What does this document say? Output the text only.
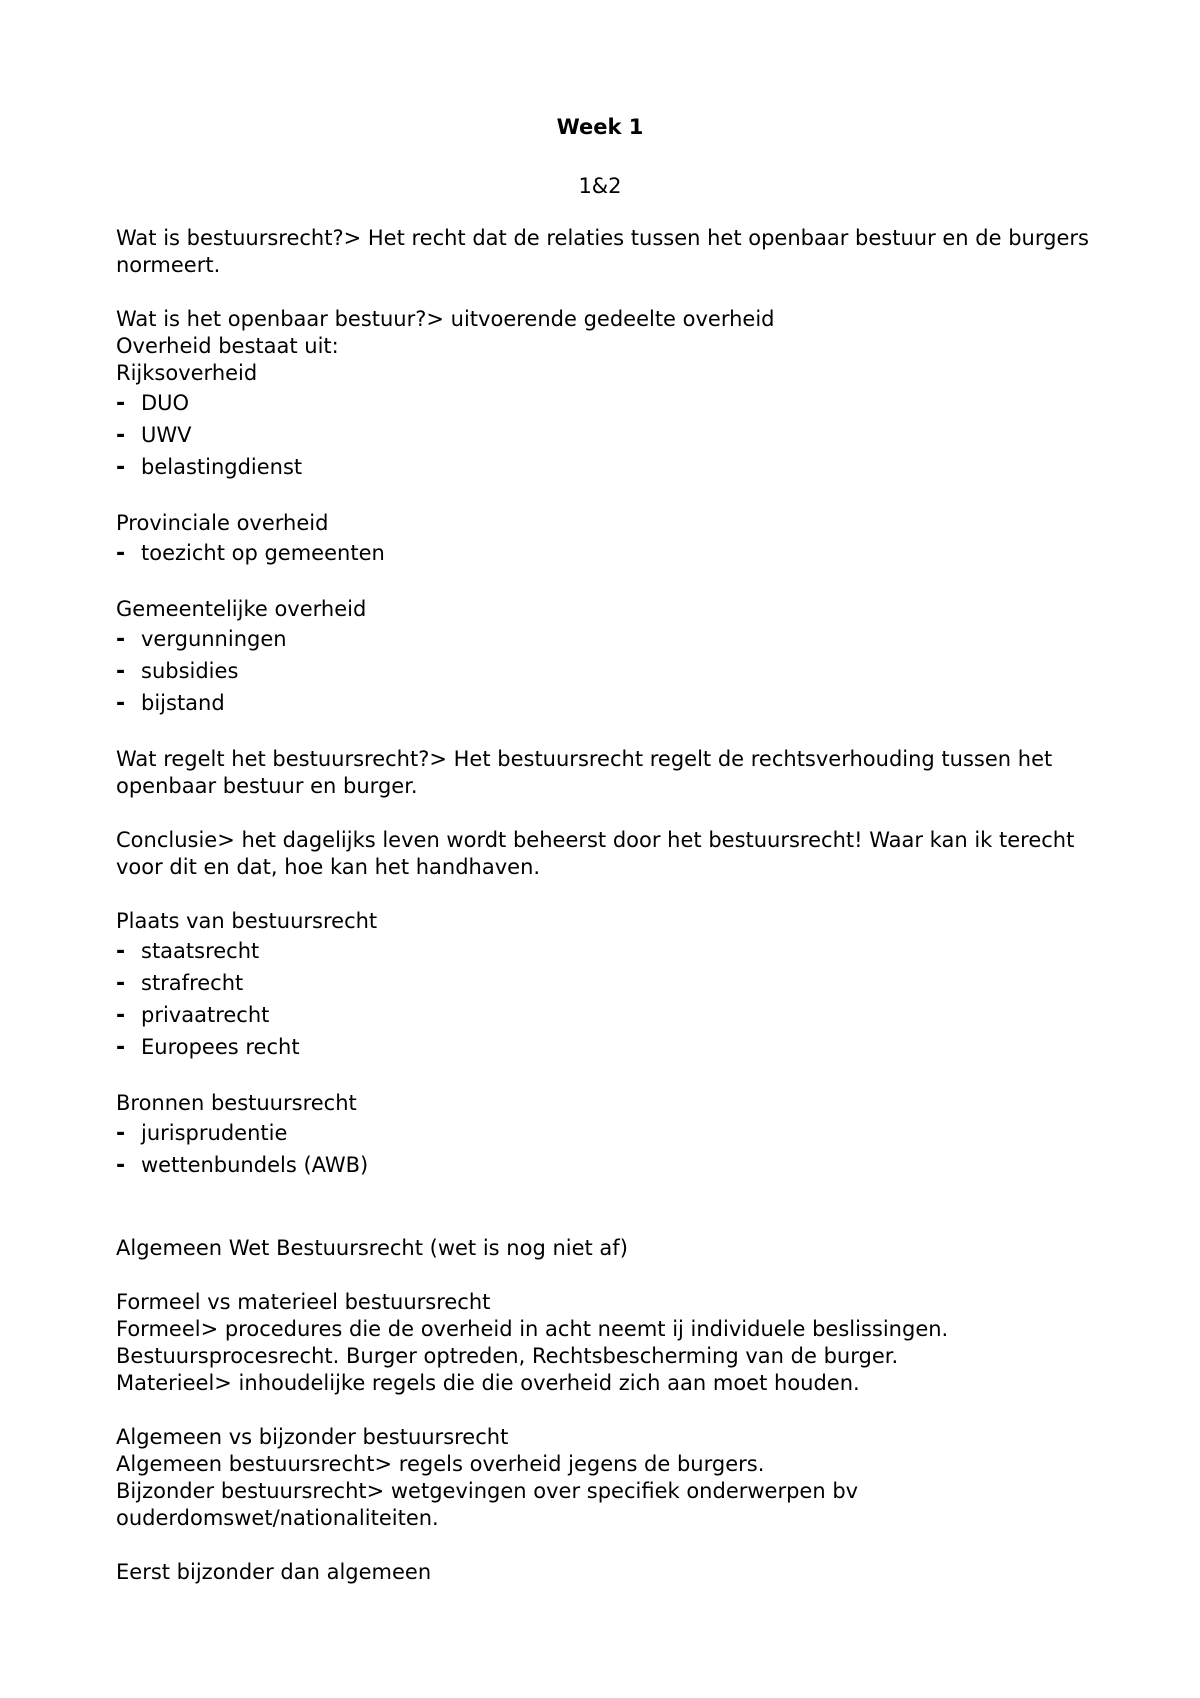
Week 1
1&2

Wat is bestuursrecht?> Het recht dat de relaties tussen het openbaar bestuur en de burgers normeert.

Wat is het openbaar bestuur?> uitvoerende gedeelte overheid

Overheid bestaat uit:

Rijksoverheid

- DUO
- UWV
- belastingdienst

Provinciale overheid

- toezicht op gemeenten

Gemeentelijke overheid

- vergunningen
- subsidies
- bijstand

Wat regelt het bestuursrecht?> Het bestuursrecht regelt de rechtsverhouding tussen het openbaar bestuur en burger.

Conclusie> het dagelijks leven wordt beheerst door het bestuursrecht! Waar kan ik terecht voor dit en dat, hoe kan het handhaven.

Plaats van bestuursrecht

- staatsrecht
- strafrecht
- privaatrecht
- Europees recht

Bronnen bestuursrecht

- jurisprudentie
- wettenbundels (AWB)

Algemeen Wet Bestuursrecht (wet is nog niet af)

Formeel vs materieel bestuursrecht

Formeel> procedures die de overheid in acht neemt ij individuele beslissingen.

Bestuursprocesrecht. Burger optreden, Rechtsbescherming van de burger.

Materieel> inhoudelijke regels die die overheid zich aan moet houden.

Algemeen vs bijzonder bestuursrecht

Algemeen bestuursrecht> regels overheid jegens de burgers.

Bijzonder bestuursrecht> wetgevingen over specifiek onderwerpen bv ouderdomswet/nationaliteiten.

Eerst bijzonder dan algemeen
